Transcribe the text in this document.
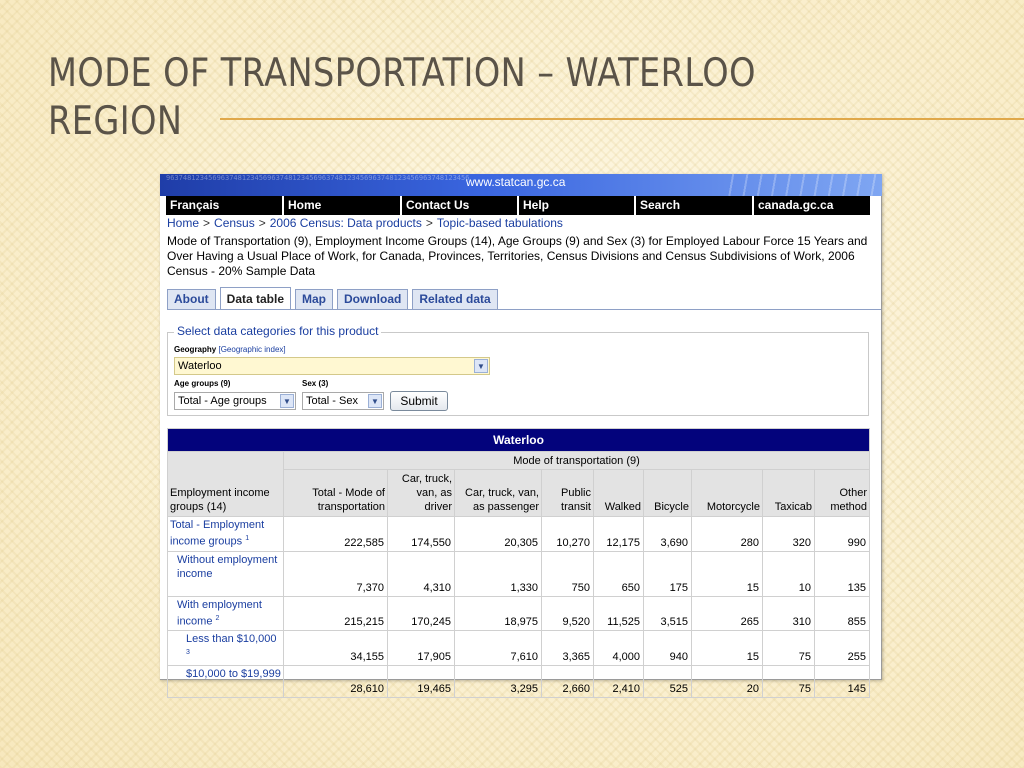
MODE OF TRANSPORTATION – WATERLOO REGION
963748123456963748123456963748123456963748123456963748123456963748123456
www.statcan.gc.ca
Français	Home	Contact Us	Help	Search	canada.gc.ca
Home > Census > 2006 Census: Data products > Topic-based tabulations
Mode of Transportation (9), Employment Income Groups (14), Age Groups (9) and Sex (3) for Employed Labour Force 15 Years and Over Having a Usual Place of Work, for Canada, Provinces, Territories, Census Divisions and Census Subdivisions of Work, 2006 Census - 20% Sample Data
About	Data table	Map	Download	Related data
Select data categories for this product
Geography [Geographic index]
Waterloo	▼
Age groups (9)
Total - Age groups	▼
Sex (3)
Total - Sex	▼	Submit
Waterloo									
Employment income groups (14)	Mode of transportation (9)								
	Total - Mode of transportation	Car, truck, van, as driver	Car, truck, van, as passenger	Public transit	Walked	Bicycle	Motorcycle	Taxicab	Other method
Total - Employment income groups $^1$	222,585	174,550	20,305	10,270	12,175	3,690	280	320	990
Without employment income	7,370	4,310	1,330	750	650	175	15	10	135
With employment income $^2$	215,215	170,245	18,975	9,520	11,525	3,515	265	310	855
Less than $10,000 $^3$	34,155	17,905	7,610	3,365	4,000	940	15	75	255
$10,000 to $19,999	28,610	19,465	3,295	2,660	2,410	525	20	75	145
